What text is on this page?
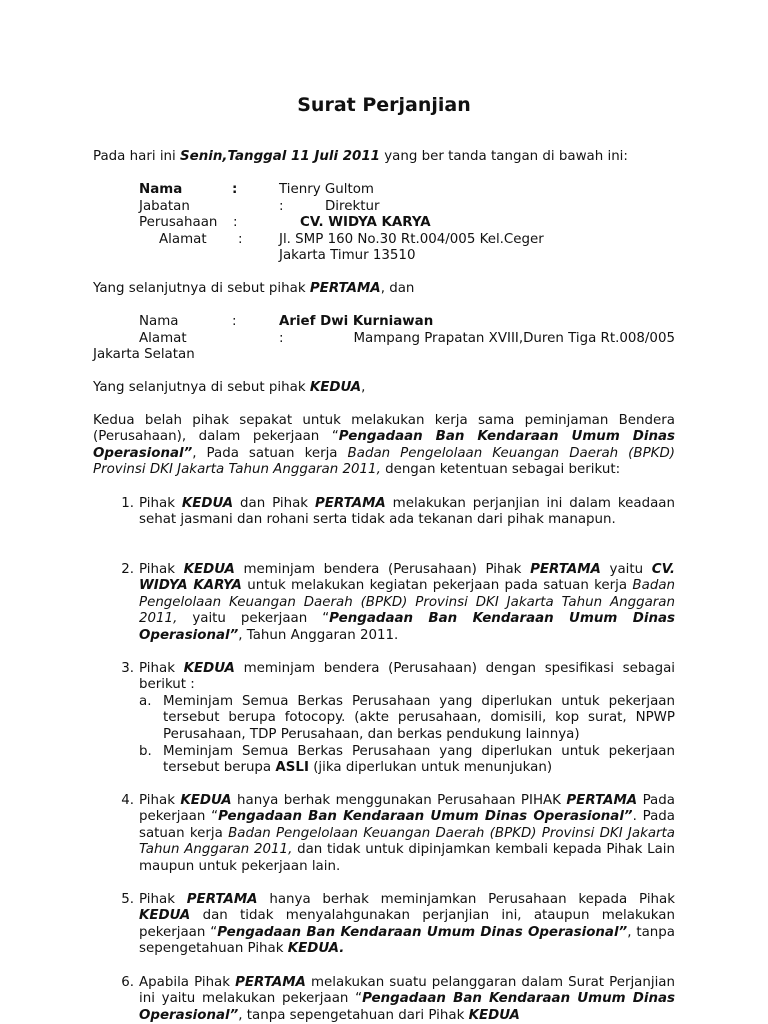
Surat Perjanjian
Pada hari ini Senin,Tanggal 11 Juli 2011 yang ber tanda tangan di bawah ini:
Nama	:	Tienry Gultom
Jabatan	:	Direktur
Perusahaan :	CV. WIDYA KARYA
Alamat :	Jl. SMP 160 No.30 Rt.004/005 Kel.Ceger
Jakarta Timur 13510
Yang selanjutnya di sebut pihak PERTAMA, dan
Nama	:	Arief Dwi Kurniawan
Alamat	:	Mampang Prapatan XVIII,Duren Tiga Rt.008/005
Jakarta Selatan
Yang selanjutnya di sebut pihak KEDUA,
Kedua belah pihak sepakat untuk melakukan kerja sama peminjaman Bendera (Perusahaan), dalam pekerjaan “Pengadaan Ban Kendaraan Umum Dinas Operasional”, Pada satuan kerja Badan Pengelolaan Keuangan Daerah (BPKD) Provinsi DKI Jakarta Tahun Anggaran 2011, dengan ketentuan sebagai berikut:
1. Pihak KEDUA dan Pihak PERTAMA melakukan perjanjian ini dalam keadaan sehat jasmani dan rohani serta tidak ada tekanan dari pihak manapun.
2. Pihak KEDUA meminjam bendera (Perusahaan) Pihak PERTAMA yaitu CV. WIDYA KARYA untuk melakukan kegiatan pekerjaan pada satuan kerja Badan Pengelolaan Keuangan Daerah (BPKD) Provinsi DKI Jakarta Tahun Anggaran 2011, yaitu pekerjaan “Pengadaan Ban Kendaraan Umum Dinas Operasional”, Tahun Anggaran 2011.
3. Pihak KEDUA meminjam bendera (Perusahaan) dengan spesifikasi sebagai berikut :
a. Meminjam Semua Berkas Perusahaan yang diperlukan untuk pekerjaan tersebut berupa fotocopy. (akte perusahaan, domisili, kop surat, NPWP Perusahaan, TDP Perusahaan, dan berkas pendukung lainnya)
b. Meminjam Semua Berkas Perusahaan yang diperlukan untuk pekerjaan tersebut berupa ASLI (jika diperlukan untuk menunjukan)
4. Pihak KEDUA hanya berhak menggunakan Perusahaan PIHAK PERTAMA Pada pekerjaan “Pengadaan Ban Kendaraan Umum Dinas Operasional”. Pada satuan kerja Badan Pengelolaan Keuangan Daerah (BPKD) Provinsi DKI Jakarta Tahun Anggaran 2011, dan tidak untuk dipinjamkan kembali kepada Pihak Lain maupun untuk pekerjaan lain.
5. Pihak PERTAMA hanya berhak meminjamkan Perusahaan kepada Pihak KEDUA dan tidak menyalahgunakan perjanjian ini, ataupun melakukan pekerjaan “Pengadaan Ban Kendaraan Umum Dinas Operasional”, tanpa sepengetahuan Pihak KEDUA.
6. Apabila Pihak PERTAMA melakukan suatu pelanggaran dalam Surat Perjanjian ini yaitu melakukan pekerjaan “Pengadaan Ban Kendaraan Umum Dinas Operasional”, tanpa sepengetahuan dari Pihak KEDUA
